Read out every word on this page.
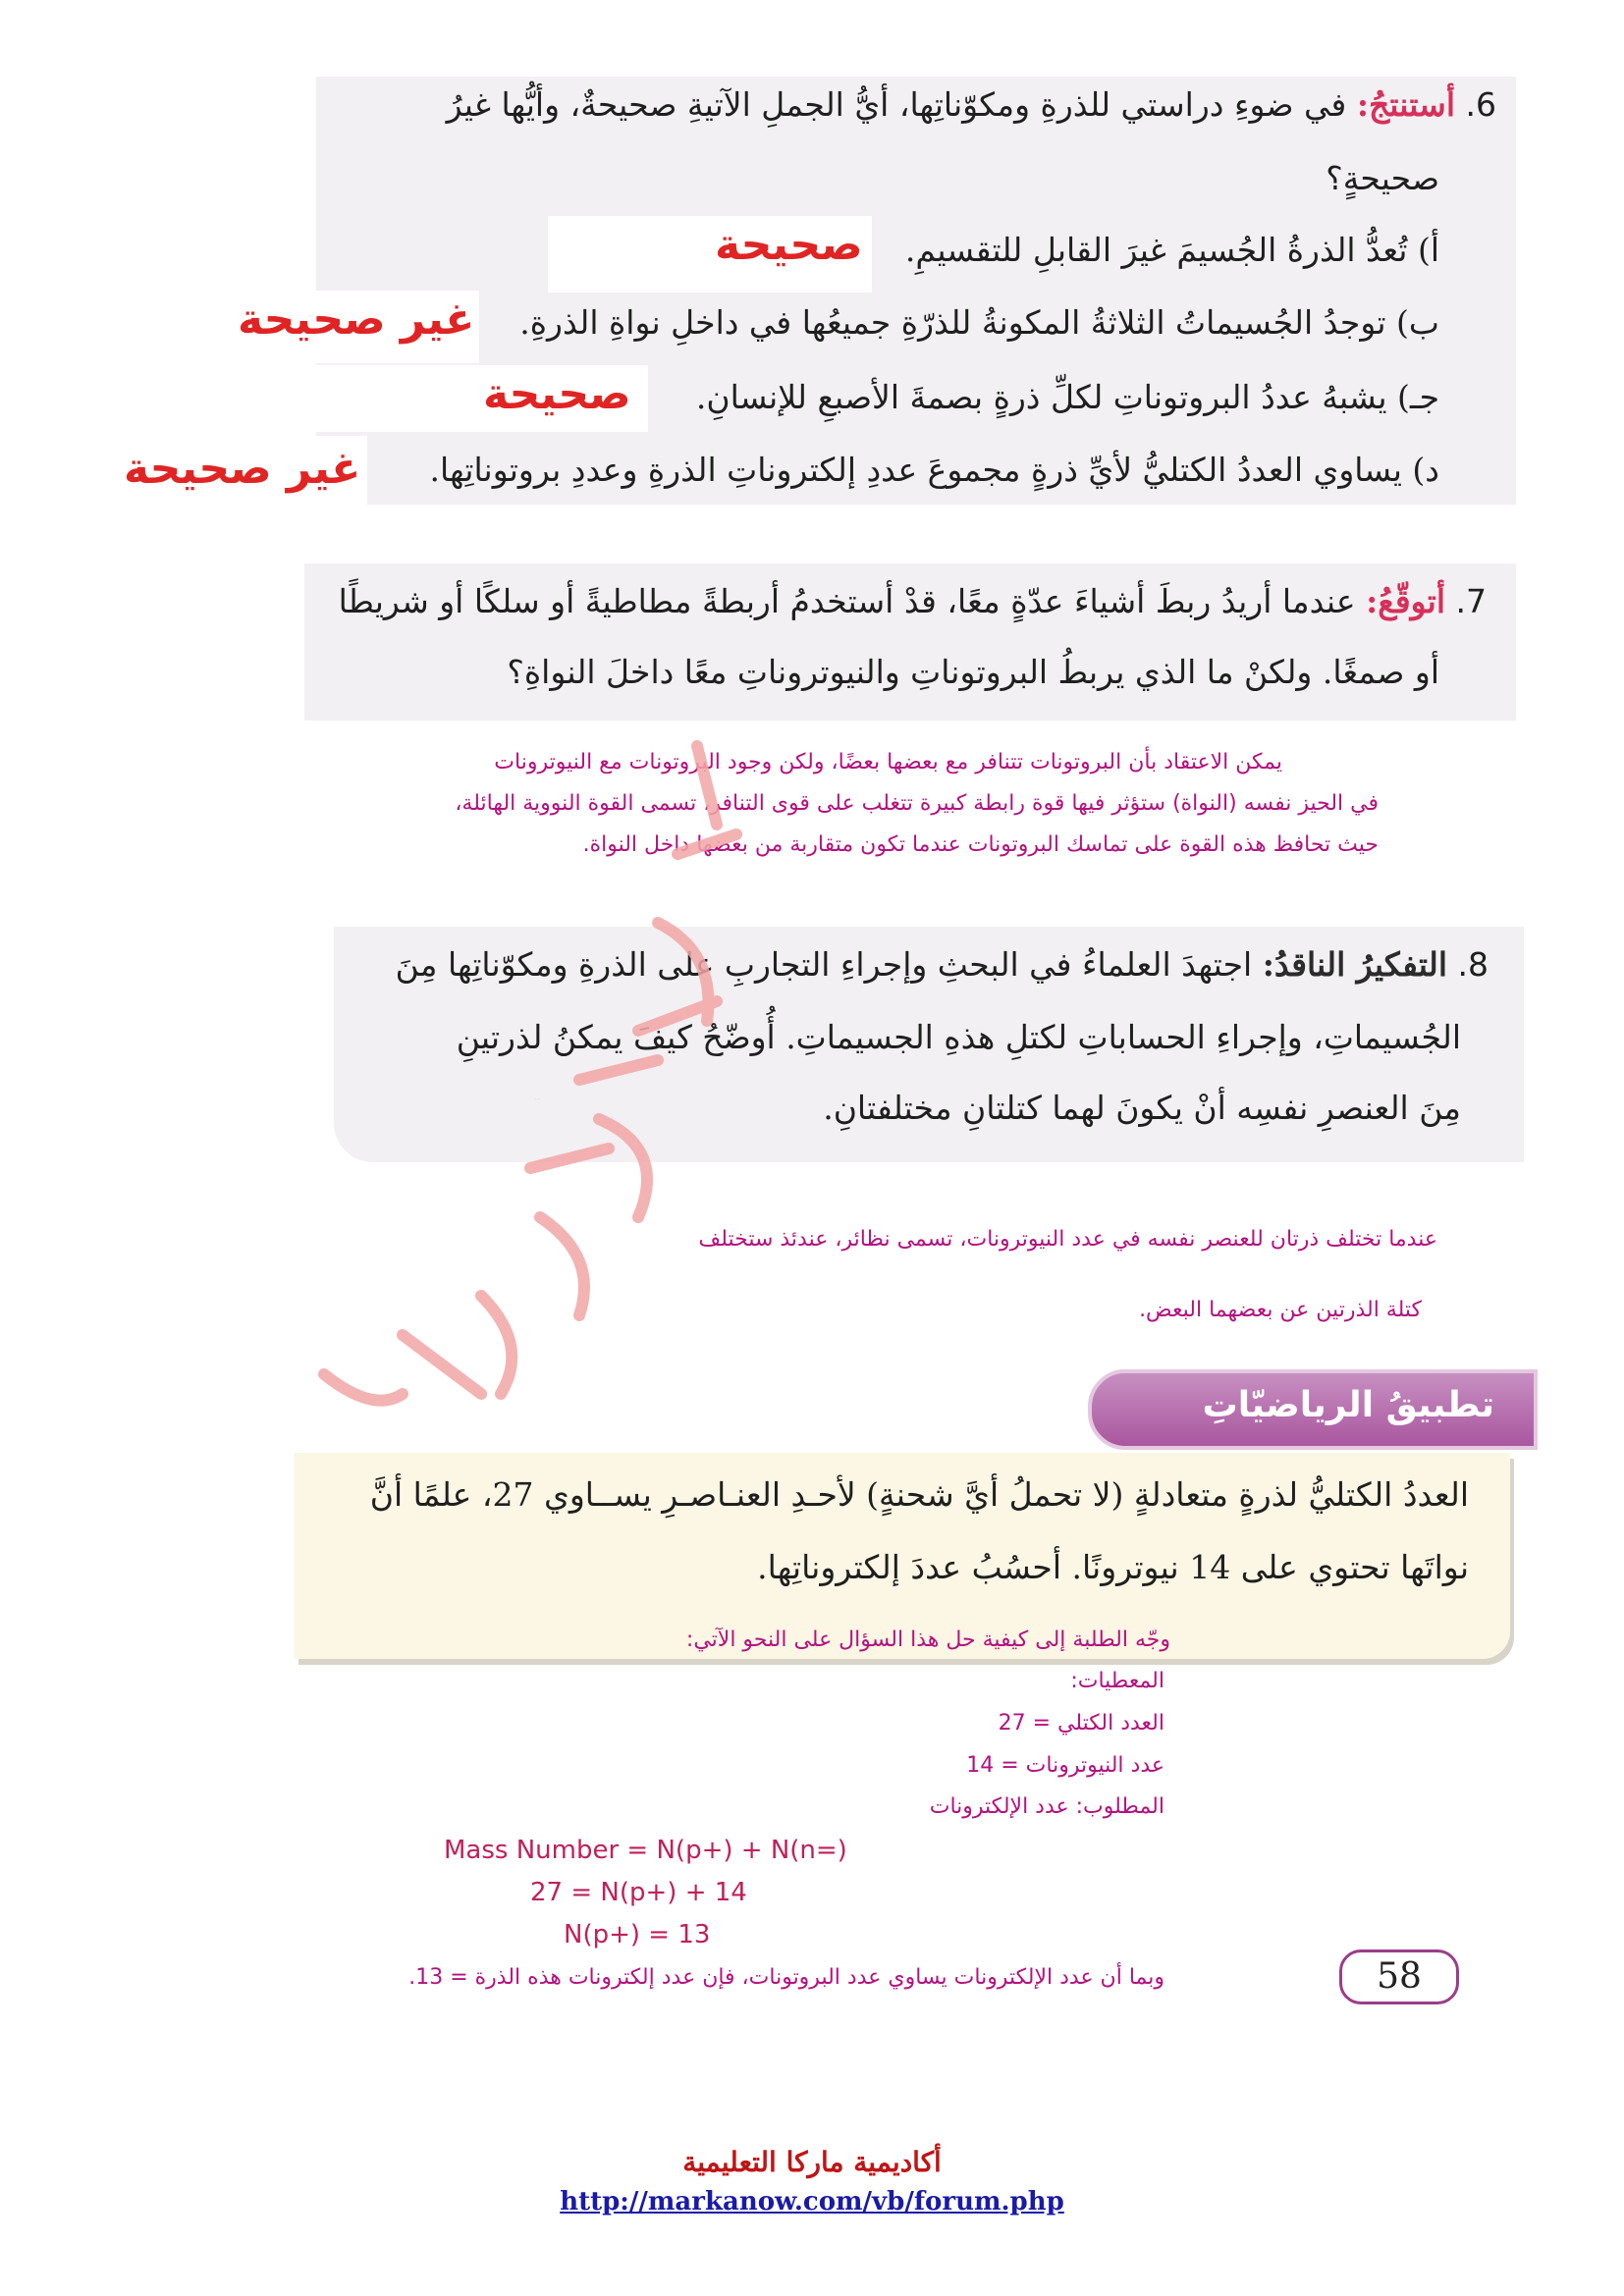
6. أستنتجُ: في ضوءِ دراستي للذرةِ ومكوّناتِها، أيُّ الجملِ الآتيةِ صحيحةٌ، وأيُّها غيرُ
صحيحةٍ؟
أ) تُعدُّ الذرةُ الجُسيمَ غيرَ القابلِ للتقسيمِ.
صحيحة
ب) توجدُ الجُسيماتُ الثلاثةُ المكونةُ للذرّةِ جميعُها في داخلِ نواةِ الذرةِ.
غير صحيحة
جـ) يشبهُ عددُ البروتوناتِ لكلِّ ذرةٍ بصمةَ الأصبعِ للإنسانِ.
صحيحة
د) يساوي العددُ الكتليُّ لأيِّ ذرةٍ مجموعَ عددِ إلكتروناتِ الذرةِ وعددِ بروتوناتِها.
غير صحيحة
7. أتوقّعُ: عندما أريدُ ربطَ أشياءَ عدّةٍ معًا، قدْ أستخدمُ أربطةً مطاطيةً أو سلكًا أو شريطًا
أو صمغًا. ولكنْ ما الذي يربطُ البروتوناتِ والنيوتروناتِ معًا داخلَ النواةِ؟
يمكن الاعتقاد بأن البروتونات تتنافر مع بعضها بعضًا، ولكن وجود البروتونات مع النيوترونات
في الحيز نفسه (النواة) ستؤثر فيها قوة رابطة كبيرة تتغلب على قوى التنافر، تسمى القوة النووية الهائلة،
حيث تحافظ هذه القوة على تماسك البروتونات عندما تكون متقاربة من بعضها داخل النواة.
8. التفكيرُ الناقدُ: اجتهدَ العلماءُ في البحثِ وإجراءِ التجاربِ على الذرةِ ومكوّناتِها مِنَ
الجُسيماتِ، وإجراءِ الحساباتِ لكتلِ هذهِ الجسيماتِ. أُوضّحُ كيفَ يمكنُ لذرتينِ
مِنَ العنصرِ نفسِه أنْ يكونَ لهما كتلتانِ مختلفتانِ.
عندما تختلف ذرتان للعنصر نفسه في عدد النيوترونات، تسمى نظائر، عندئذ ستختلف
كتلة الذرتين عن بعضهما البعض.
تطبيقُ الرياضيّاتِ
العددُ الكتليُّ لذرةٍ متعادلةٍ (لا تحملُ أيَّ شحنةٍ) لأحـدِ العنـاصـرِ يســاوي 27، علمًا أنَّ
نواتَها تحتوي على 14 نيوترونًا. أحسُبُ عددَ إلكتروناتِها.
وجّه الطلبة إلى كيفية حل هذا السؤال على النحو الآتي:
المعطيات:
العدد الكتلي = 27
عدد النيوترونات = 14
المطلوب: عدد الإلكترونات
Mass Number = N(p+) + N(n=)
27 = N(p+) + 14
N(p+) = 13
وبما أن عدد الإلكترونات يساوي عدد البروتونات، فإن عدد إلكترونات هذه الذرة = 13.	58
أكاديمية ماركا التعليمية
http://markanow.com/vb/forum.php
أكاديمية ماركا
